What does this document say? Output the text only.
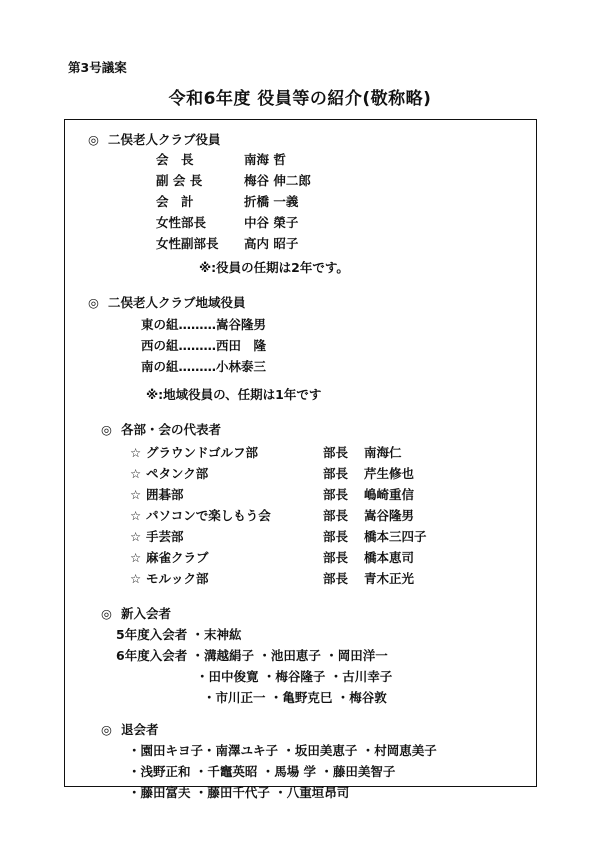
第3号議案
令和6年度 役員等の紹介(敬称略)
◎ 二俣老人クラブ役員
会　長	南海 哲
副 会 長	梅谷 伸二郎
会　計	折橋 一義
女性部長	中谷 榮子
女性副部長 高内 昭子
※:役員の任期は2年です。
◎ 二俣老人クラブ地域役員
東の組………嵩谷隆男
西の組………西田　隆
南の組………小林泰三
※:地域役員の、任期は1年です
◎ 各部・会の代表者
☆ グラウンドゴルフ部	部長 南海仁
☆ ペタンク部	部長 芹生修也
☆ 囲碁部	部長 嶋崎重信
☆ パソコンで楽しもう会	部長 嵩谷隆男
☆ 手芸部	部長 橋本三四子
☆ 麻雀クラブ	部長 橋本恵司
☆ モルック部	部長 青木正光
◎ 新入会者
5年度入会者 ・末神紘
6年度入会者 ・溝越絹子 ・池田恵子 ・岡田洋一
・田中俊寛 ・梅谷隆子 ・古川幸子
・市川正一 ・亀野克巳 ・梅谷敦
◎ 退会者
・園田キヨ子・南澤ユキ子 ・坂田美恵子 ・村岡恵美子
・浅野正和 ・千竈英昭 ・馬場 学 ・藤田美智子
・藤田富夫 ・藤田千代子 ・八重垣昂司
